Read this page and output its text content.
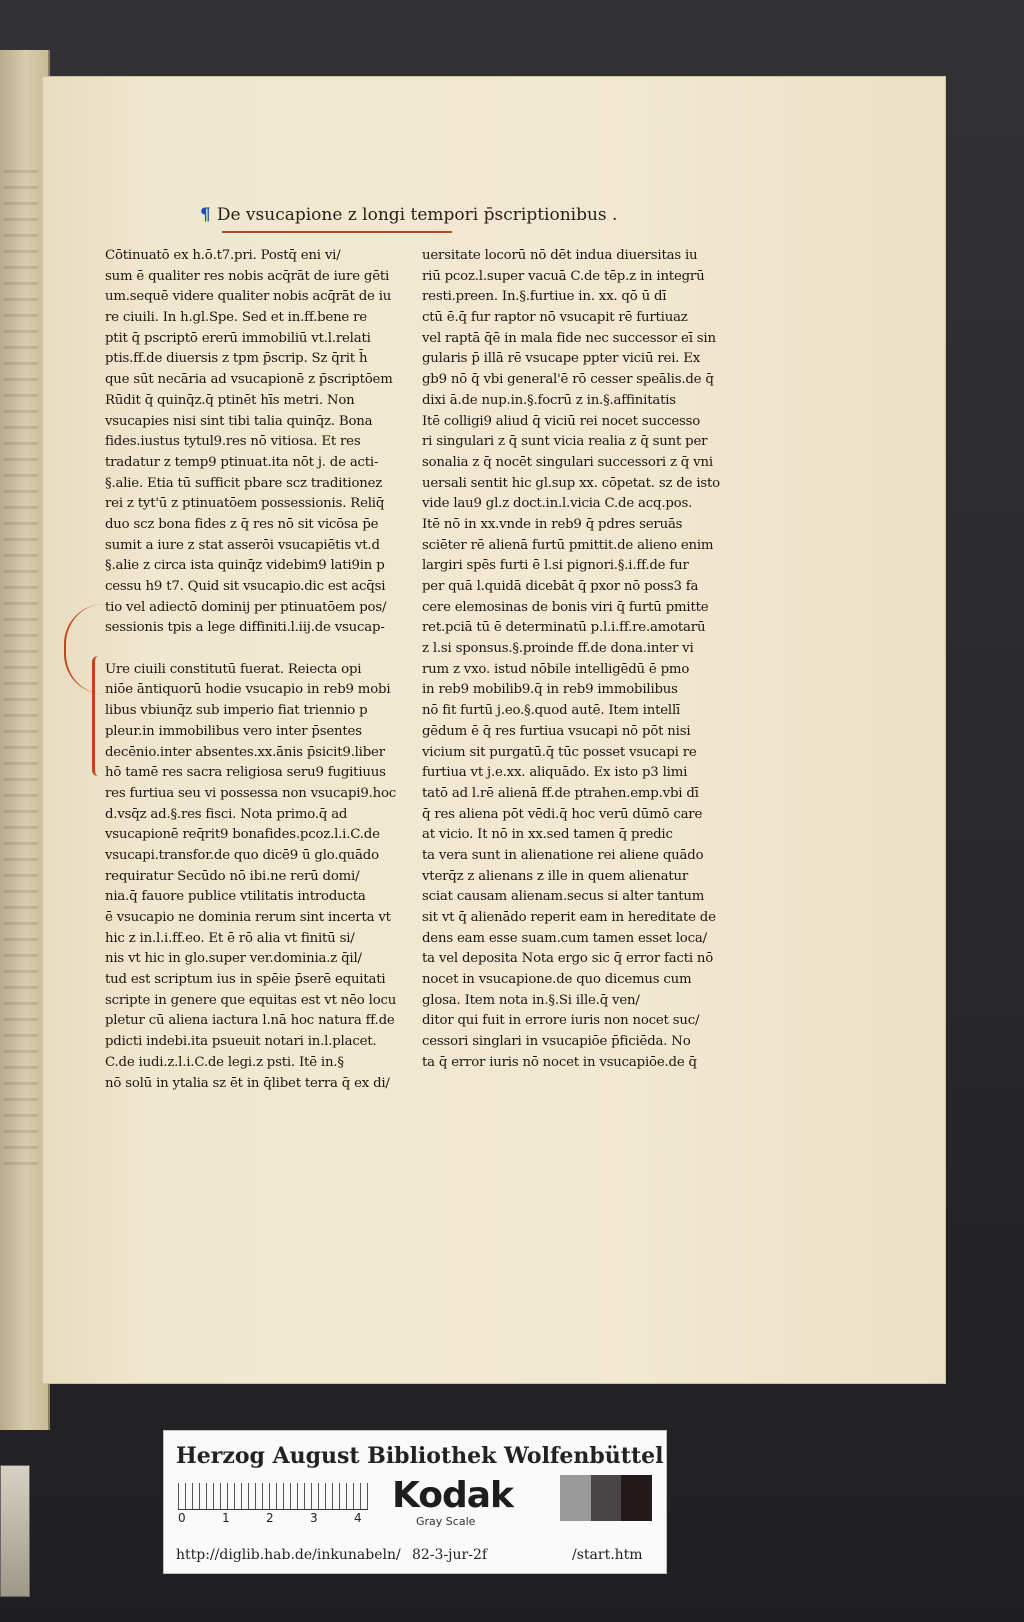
¶ De vsucapione z longi tempori p̄scriptionibus .
Cōtinuatō ex h.ō.t7.pri. Postq̄ eni vi/
sum ē qualiter res nobis acq̄rāt de iure gēti
um.sequē videre qualiter nobis acq̄rāt de iu
re ciuili. In h.gl.Spe. Sed et in.ff.bene re
ptit q̄ pscriptō ererū immobiliū vt.l.relati
ptis.ff.de diuersis z tpm p̄scrip. Sz q̄rit h̄
que sūt necāria ad vsucapionē z p̄scriptōem
Rūdit q̄ quinq̄z.q̄ ptinēt hīs metri. Non
vsucapies nisi sint tibi talia quinq̄z. Bona
fides.iustus tytul9.res nō vitiosa. Et res
tradatur z temp9 ptinuat.ita nōt j. de acti-
§.alie. Etia tū sufficit pbare scz traditionez
rei z tyt'ū z ptinuatōem possessionis. Reliq̄
duo scz bona fides z q̄ res nō sit vicōsa p̄e
sumit a iure z stat asserōi vsucapiētis vt.d
§.alie z circa ista quinq̄z videbim9 lati9in p
cessu h9 t7. Quid sit vsucapio.dic est acq̄si
tio vel adiectō dominij per ptinuatōem pos/
sessionis tpis a lege diffiniti.l.iij.de vsucap-
Ure ciuili constitutū fuerat. Reiecta opi
niōe āntiquorū hodie vsucapio in reb9 mobi
libus vbiunq̄z sub imperio fiat triennio p
pleur.in immobilibus vero inter p̄sentes
decēnio.inter absentes.xx.ānis p̄sicit9.liber
hō tamē res sacra religiosa seru9 fugitiuus
res furtiua seu vi possessa non vsucapi9.hoc
d.vsq̄z ad.§.res fisci. Nota primo.q̄ ad
vsucapionē req̄rit9 bonafides.pcoz.l.i.C.de
vsucapi.transfor.de quo dicē9 ū glo.quādo
requiratur Secūdo nō ibi.ne rerū domi/
nia.q̄ fauore publice vtilitatis introducta
ē vsucapio ne dominia rerum sint incerta vt
hic z in.l.i.ff.eo. Et ē rō alia vt finitū si/
nis vt hic in glo.super ver.dominia.z q̄il/
tud est scriptum ius in spēie p̄serē equitati
scripte in genere que equitas est vt nēo locu
pletur cū aliena iactura l.nā hoc natura ff.de
pdicti indebi.ita psueuit notari in.l.placet.
C.de iudi.z.l.i.C.de legi.z psti. Itē in.§
nō solū in ytalia sz ēt in q̄libet terra q̄ ex di/
uersitate locorū nō dēt indua diuersitas iu
riū pcoz.l.super vacuā C.de tēp.z in integrū
resti.preen. In.§.furtiue in. xx. qō ū dī
ctū ē.q̄ fur raptor nō vsucapit rē furtiuaz
vel raptā q̄ē in mala fide nec successor eī sin
gularis p̄ illā rē vsucape ppter viciū rei. Ex
gb9 nō q̄ vbi general'ē rō cesser speālis.de q̄
dixi ā.de nup.in.§.focrū z in.§.affinitatis
Itē colligi9 aliud q̄ viciū rei nocet successo
ri singulari z q̄ sunt vicia realia z q̄ sunt per
sonalia z q̄ nocēt singulari successori z q̄ vni
uersali sentit hic gl.sup xx. cōpetat. sz de isto
vide lau9 gl.z doct.in.l.vicia C.de acq.pos.
Itē nō in xx.vnde in reb9 q̄ pdres seruās
sciēter rē alienā furtū pmittit.de alieno enim
largiri spēs furti ē l.si pignori.§.i.ff.de fur
per quā l.quidā dicebāt q̄ pxor nō poss3 fa
cere elemosinas de bonis viri q̄ furtū pmitte
ret.pciā tū ē determinatū p.l.i.ff.re.amotarū
z l.si sponsus.§.proinde ff.de dona.inter vi
rum z vxo. istud nōbile intelligēdū ē pmo
in reb9 mobilib9.q̄ in reb9 immobilibus
nō fit furtū j.eo.§.quod autē. Item intellī
gēdum ē q̄ res furtiua vsucapi nō pōt nisi
vicium sit purgatū.q̄ tūc posset vsucapi re
furtiua vt j.e.xx. aliquādo. Ex isto p3 limi
tatō ad l.rē alienā ff.de ptrahen.emp.vbi dī
q̄ res aliena pōt vēdi.q̄ hoc verū dūmō care
at vicio. It nō in xx.sed tamen q̄ predic
ta vera sunt in alienatione rei aliene quādo
vterq̄z z alienans z ille in quem alienatur
sciat causam alienam.secus si alter tantum
sit vt q̄ alienādo reperit eam in hereditate de
dens eam esse suam.cum tamen esset loca/
ta vel deposita Nota ergo sic q̄ error facti nō
nocet in vsucapione.de quo dicemus cum
glosa. Item nota in.§.Si ille.q̄ ven/
ditor qui fuit in errore iuris non nocet suc/
cessori singlari in vsucapiōe p̄ficiēda. No
ta q̄ error iuris nō nocet in vsucapiōe.de q̄
Herzog August Bibliothek Wolfenbüttel
0	1	2	3	4
Kodak
Gray Scale
http://diglib.hab.de/inkunabeln/ 82-3-jur-2f	/start.htm
